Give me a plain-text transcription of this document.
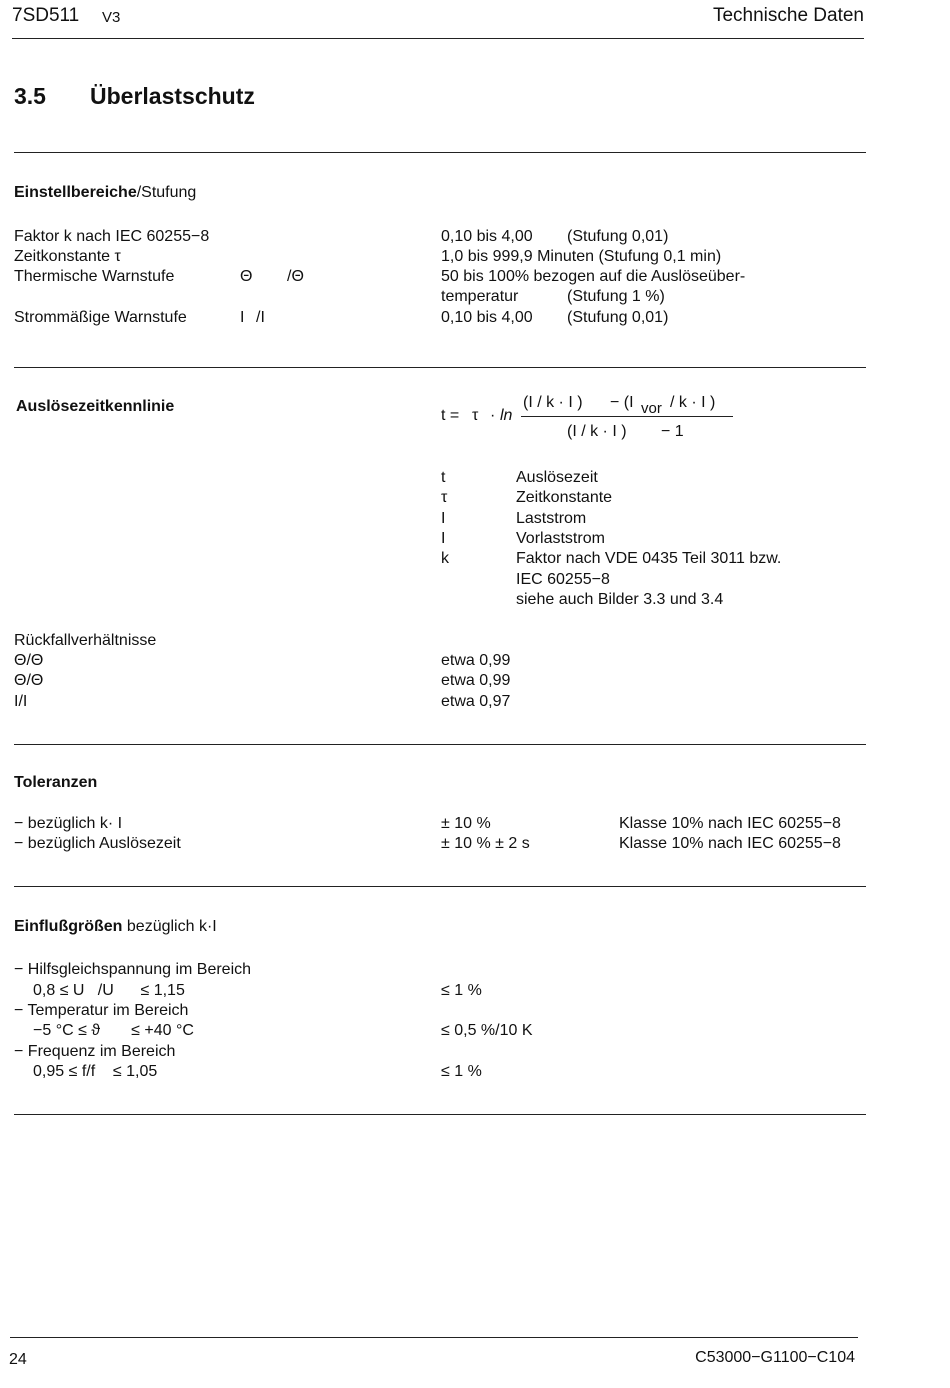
7SD511 V3	Technische Daten
3.5 Überlastschutz
Einstellbereiche/Stufung
Faktor k nach IEC 60255−8	0,10 bis 4,00 (Stufung 0,01)
Zeitkonstante τ	1,0 bis 999,9 Minuten (Stufung 0,1 min)
Thermische Warnstufe	Θ /Θ	50 bis 100% bezogen auf die Auslöseüber-
temperatur	(Stufung 1 %)
Strommäßige Warnstufe	I /I	0,10 bis 4,00 (Stufung 0,01)
Auslösezeitkennlinie
t = τ · ln
(I / k · I ) − (I vor / k · I )
(I / k · I ) − 1
t	Auslösezeit
τ	Zeitkonstante
I	Laststrom
I	Vorlaststrom
k	Faktor nach VDE 0435 Teil 3011 bzw.
IEC 60255−8
siehe auch Bilder 3.3 und 3.4
Rückfallverhältnisse
Θ/Θ	etwa 0,99
Θ/Θ	etwa 0,99
I/I	etwa 0,97
Toleranzen
− bezüglich k· I	± 10 %	Klasse 10% nach IEC 60255−8
− bezüglich Auslösezeit	± 10 % ± 2 s	Klasse 10% nach IEC 60255−8
Einflußgrößen bezüglich k·I
− Hilfsgleichspannung im Bereich
0,8 ≤ U   /U      ≤ 1,15	≤ 1 %
− Temperatur im Bereich
−5 °C ≤ ϑ       ≤ +40 °C	≤ 0,5 %/10 K
− Frequenz im Bereich
0,95 ≤ f/f    ≤ 1,05	≤ 1 %
24	C53000−G1100−C104
